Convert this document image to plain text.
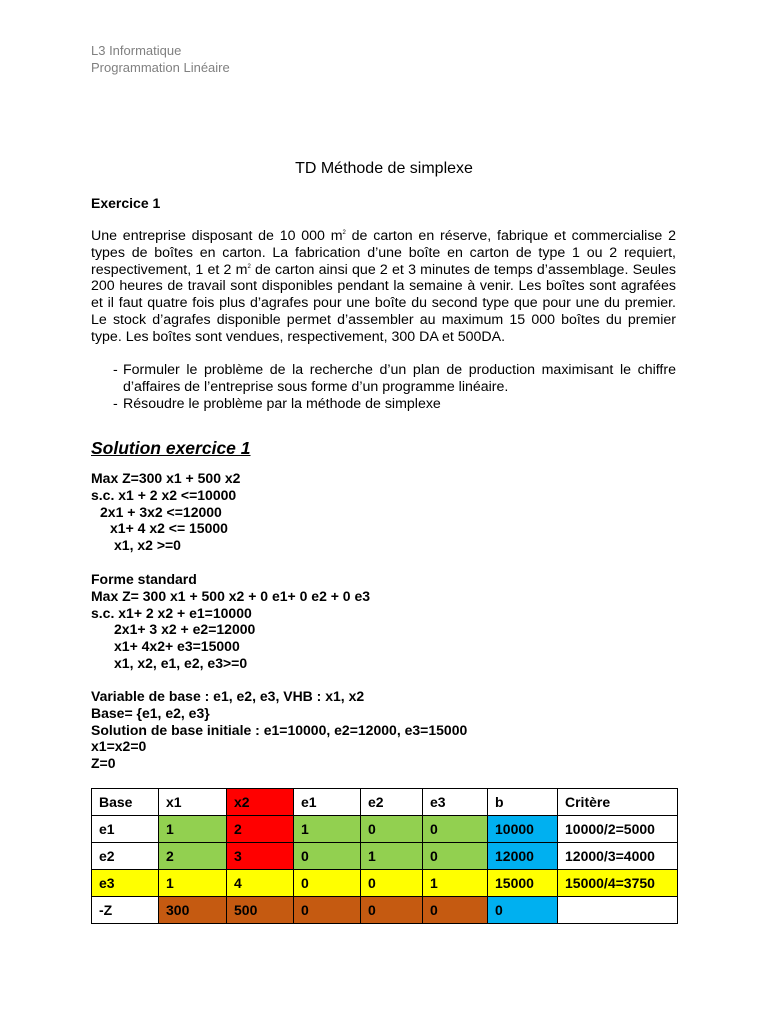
L3 Informatique
Programmation Linéaire
TD Méthode de simplexe
Exercice 1
Une entreprise disposant de 10 000 $m^2$ de carton en réserve, fabrique et commercialise 2 types de boîtes en carton. La fabrication d’une boîte en carton de type 1 ou 2 requiert, respectivement, 1 et 2 $m^2$ de carton ainsi que 2 et 3 minutes de temps d’assemblage. Seules 200 heures de travail sont disponibles pendant la semaine à venir. Les boîtes sont agrafées et il faut quatre fois plus d’agrafes pour une boîte du second type que pour une du premier. Le stock d’agrafes disponible permet d’assembler au maximum 15 000 boîtes du premier type. Les boîtes sont vendues, respectivement, 300 DA et 500DA.
- Formuler le problème de la recherche d’un plan de production maximisant le chiffre d’affaires de l’entreprise sous forme d’un programme linéaire.
- Résoudre le problème par la méthode de simplexe
Solution exercice 1
Max Z=300 x1 + 500 x2
s.c. x1 + 2 x2 <=10000
2x1 + 3x2 <=12000
x1+ 4 x2 <= 15000
x1, x2 >=0
Forme standard
Max Z= 300 x1 + 500 x2 + 0 e1+ 0 e2 + 0 e3
s.c. x1+ 2 x2 + e1=10000
2x1+ 3 x2 + e2=12000
x1+ 4x2+ e3=15000
x1, x2, e1, e2, e3>=0
Variable de base : e1, e2, e3, VHB : x1, x2
Base= {e1, e2, e3}
Solution de base initiale : e1=10000, e2=12000, e3=15000
x1=x2=0
Z=0
Base	x1	x2	e1	e2	e3	b	Critère
e1	1	2	1	0	0	10000	10000/2=5000
e2	2	3	0	1	0	12000	12000/3=4000
e3	1	4	0	0	1	15000	15000/4=3750
-Z	300	500	0	0	0	0	
